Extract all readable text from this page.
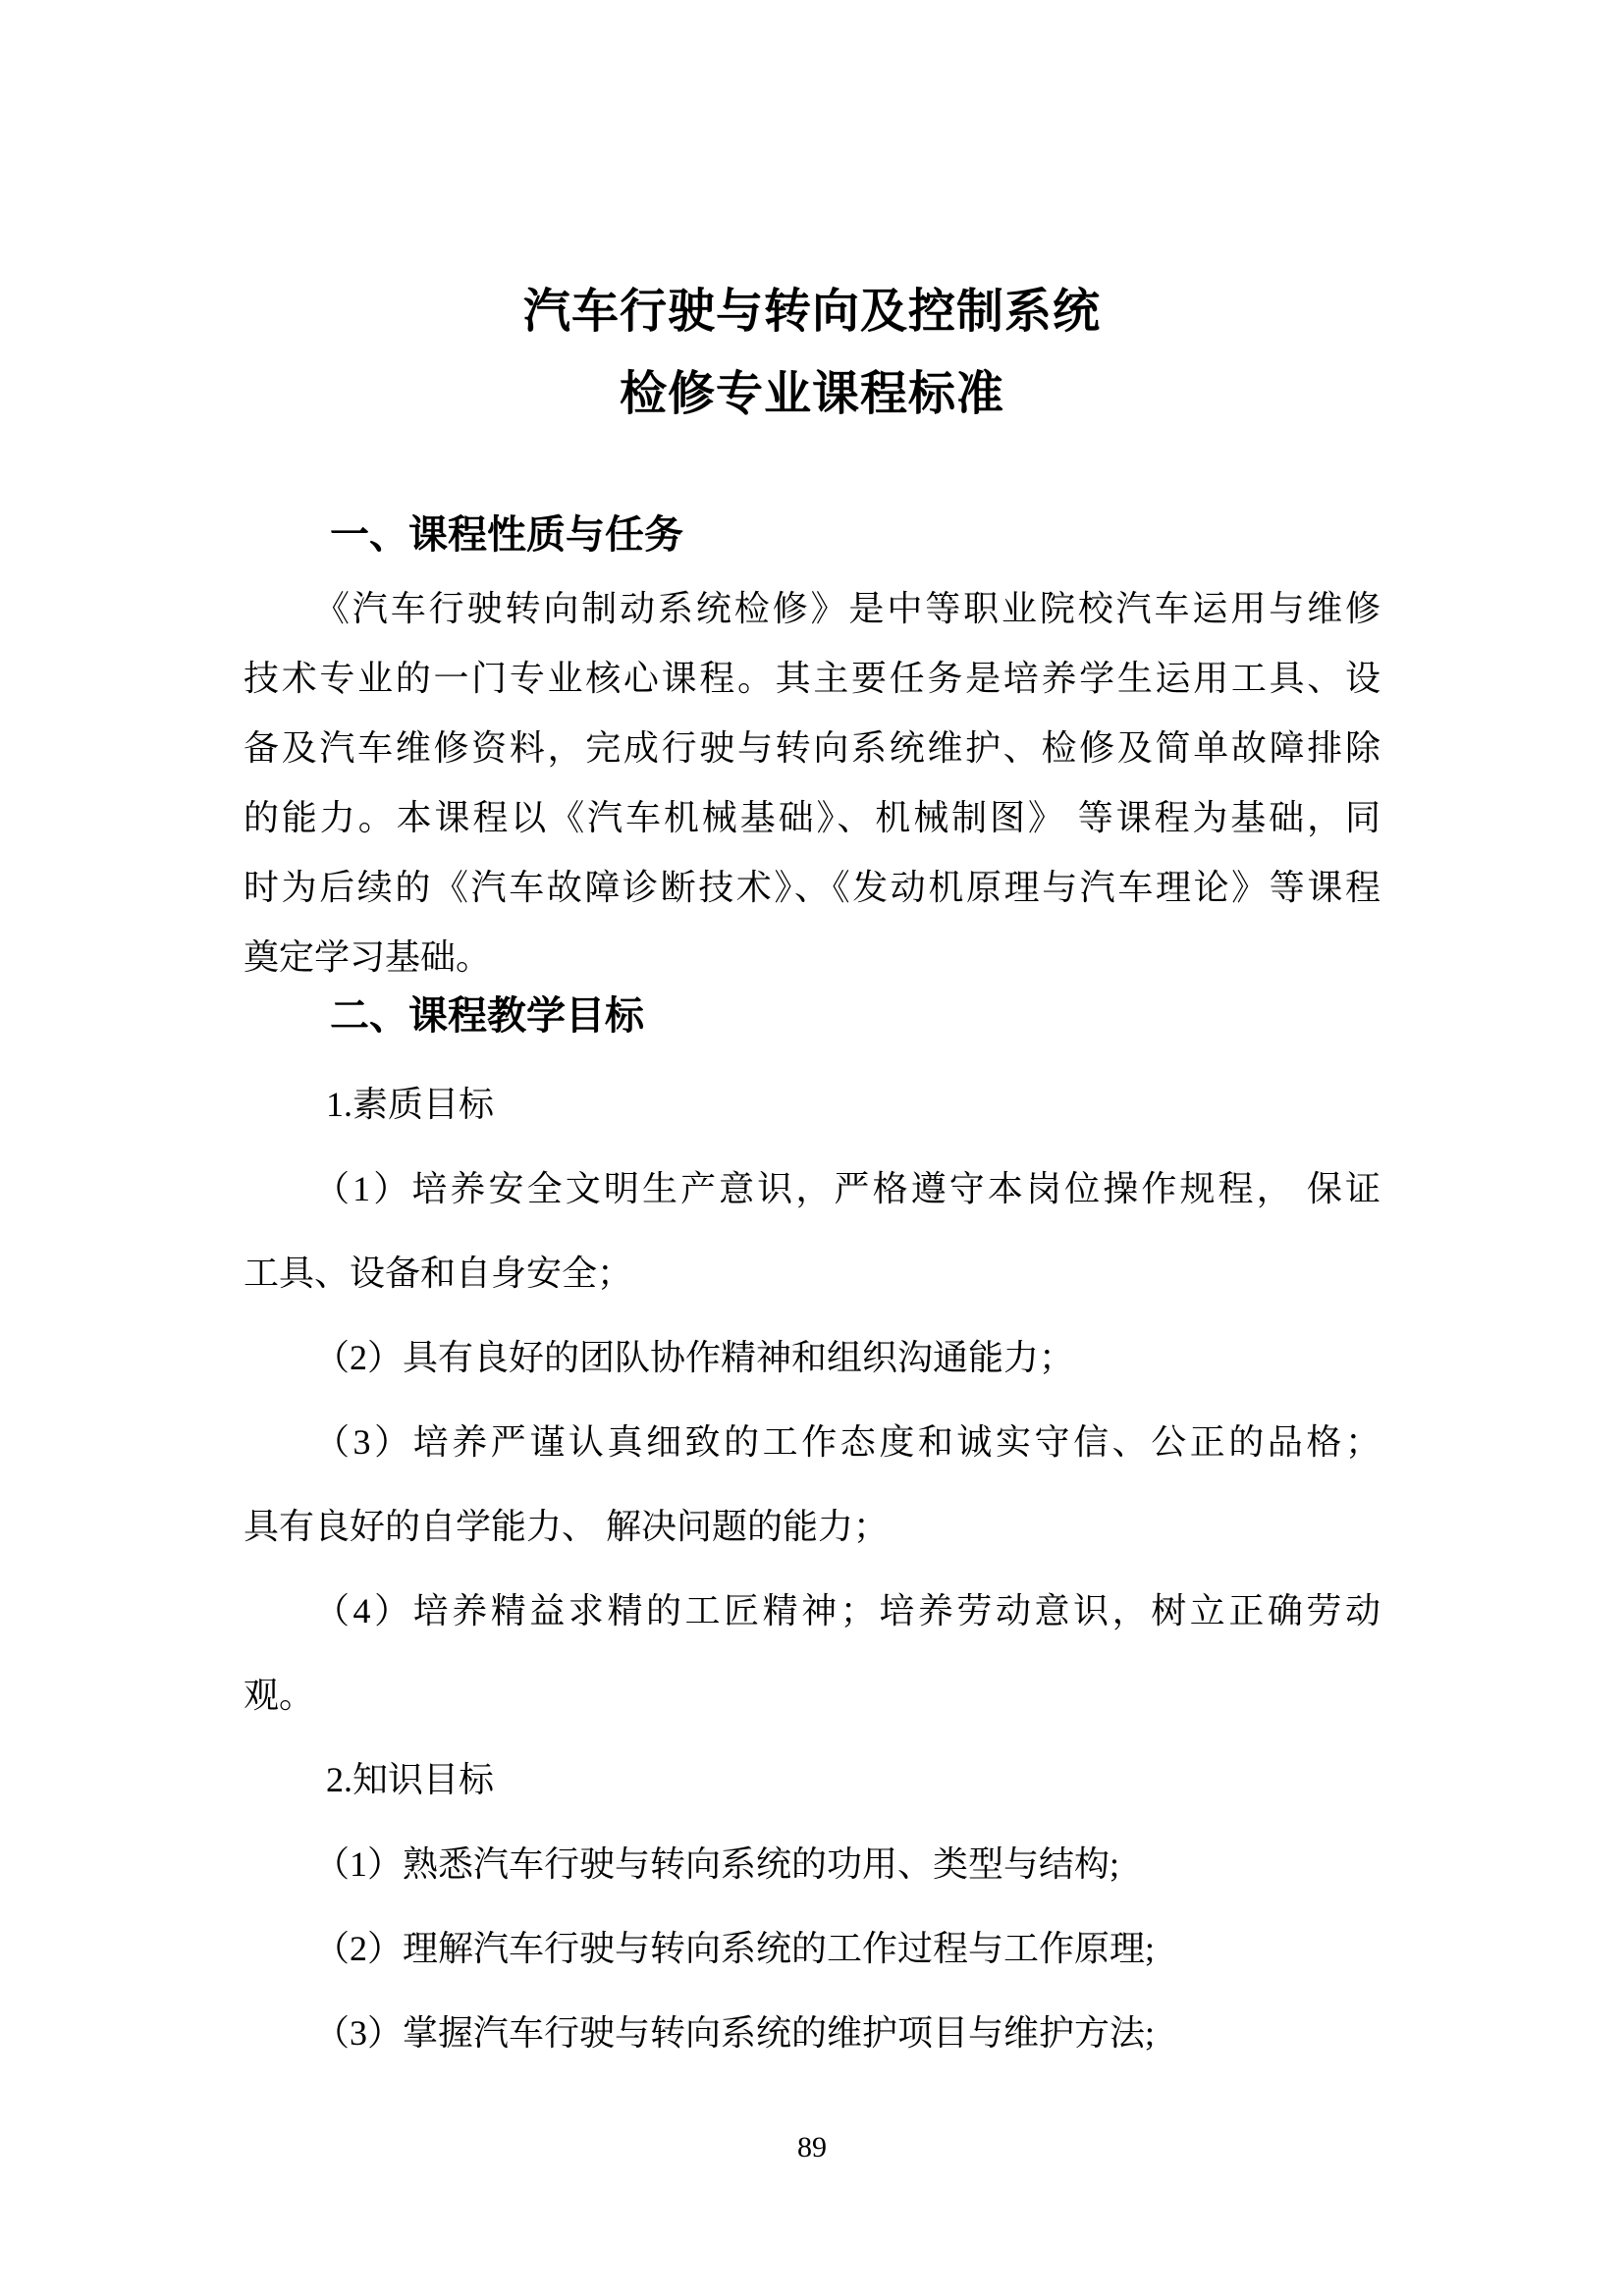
汽车行驶与转向及控制系统
检修专业课程标准
一、课程性质与任务
《汽车行驶转向制动系统检修》是中等职业院校汽车运用与维修
技术专业的一门专业核心课程。其主要任务是培养学生运用工具、设
备及汽车维修资料，完成行驶与转向系统维护、检修及简单故障排除
的能力。本课程以《汽车机械基础》、机械制图》 等课程为基础，同
时为后续的《汽车故障诊断技术》、《发动机原理与汽车理论》等课程
奠定学习基础。
二、课程教学目标
1.素质目标
（1）培养安全文明生产意识，严格遵守本岗位操作规程， 保证
工具、设备和自身安全；
（2）具有良好的团队协作精神和组织沟通能力；
（3）培养严谨认真细致的工作态度和诚实守信、公正的品格；
具有良好的自学能力、 解决问题的能力；
（4）培养精益求精的工匠精神；培养劳动意识，树立正确劳动
观。
2.知识目标
（1）熟悉汽车行驶与转向系统的功用、类型与结构;
（2）理解汽车行驶与转向系统的工作过程与工作原理;
（3）掌握汽车行驶与转向系统的维护项目与维护方法;
89
